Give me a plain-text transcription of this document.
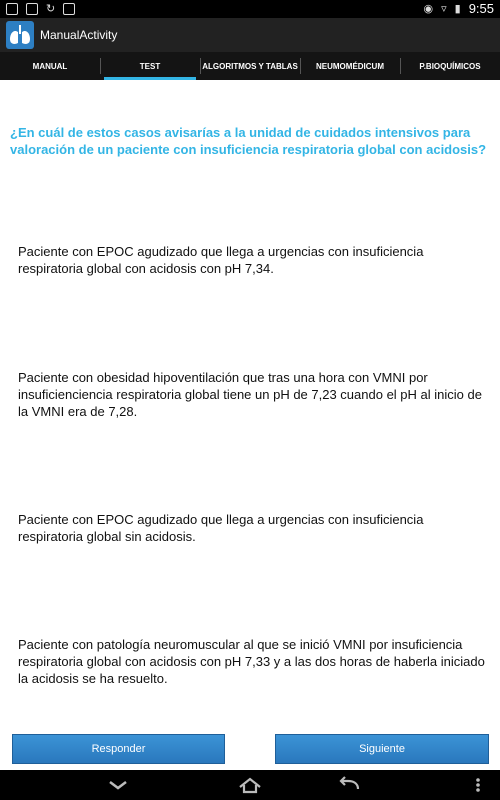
↻	◉ ▿ ▮ 9:55
ManualActivity
MANUAL	TEST	ALGORITMOS Y TABLAS NEUMOMÉDICUM	P.BIOQUÍMICOS
¿En cuál de estos casos avisarías a la unidad de cuidados intensivos para valoración de un paciente con insuficiencia respiratoria global con acidosis?
Paciente con EPOC agudizado que llega a urgencias con insuficiencia respiratoria global con acidosis con pH 7,34.
Paciente con obesidad hipoventilación que tras una hora con VMNI por insuficienciencia respiratoria global tiene un pH de 7,23 cuando el pH al inicio de la VMNI era de 7,28.
Paciente con EPOC agudizado que llega a urgencias con insuficiencia respiratoria global sin acidosis.
Paciente con patología neuromuscular al que se inició VMNI por insuficiencia respiratoria global con acidosis con pH 7,33 y a las dos horas de haberla iniciado la acidosis se ha resuelto.
Responder	Siguiente
